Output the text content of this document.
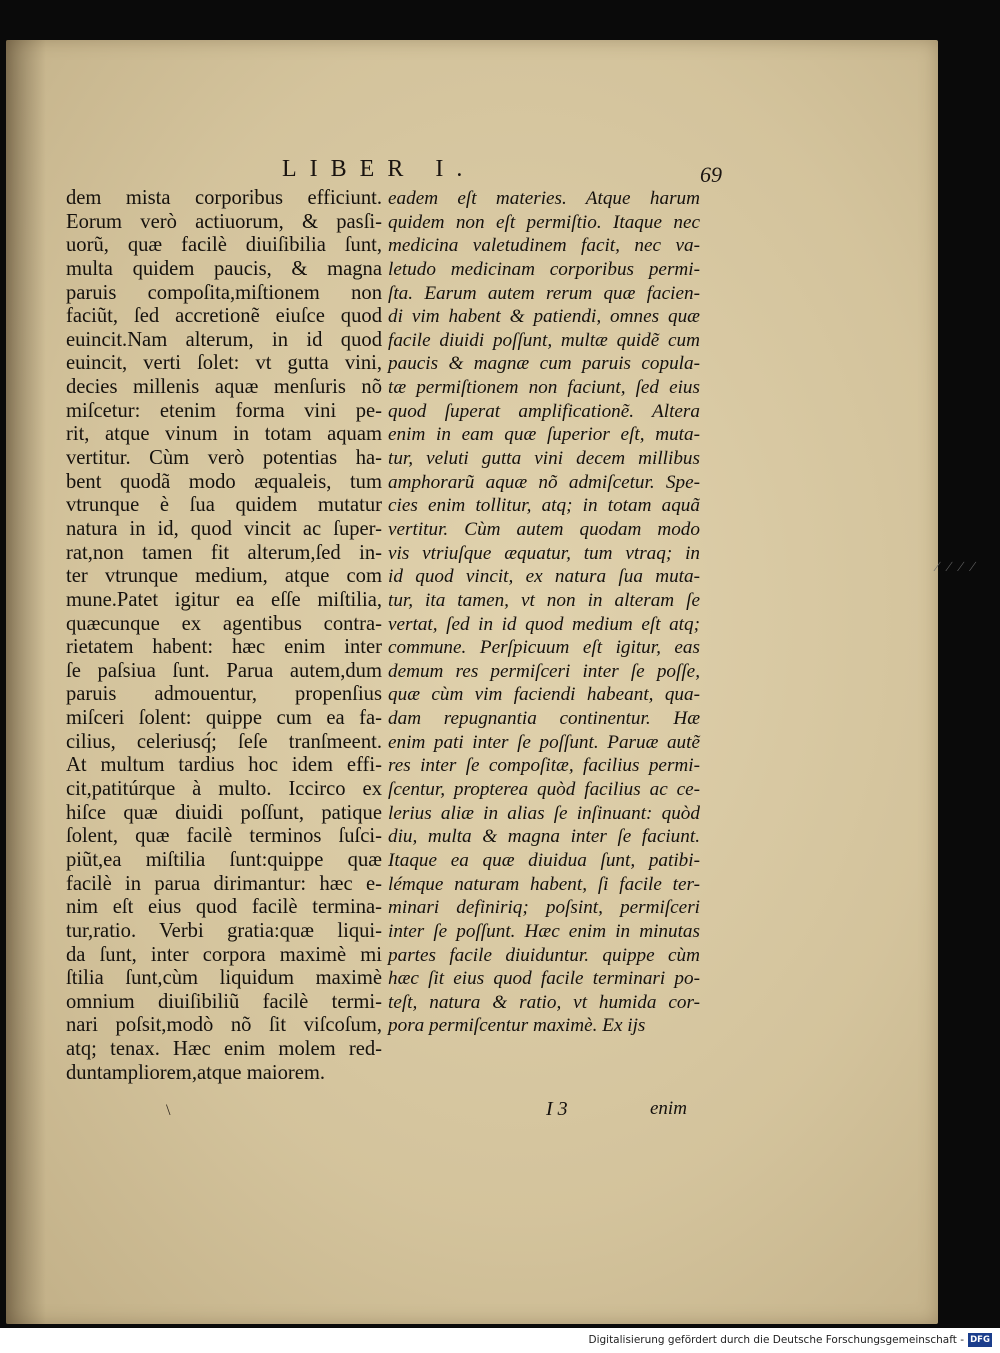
LIBER I.	69
dem mista corporibus efficiunt.
Eorum verò actiuorum, & pasſi-
uorũ, quæ facilè diuiſibilia ſunt,
multa quidem paucis, & magna
paruis compoſita,miſtionem non
faciũt, ſed accretionẽ eiuſce quod
euincit.Nam alterum, in id quod
euincit, verti ſolet: vt gutta vini,
decies millenis aquæ menſuris nõ
miſcetur: etenim forma vini pe-
rit, atque vinum in totam aquam
vertitur. Cùm verò potentias ha-
bent quodã modo æqualeis, tum
vtrunque è ſua quidem mutatur
natura in id, quod vincit ac ſuper-
rat,non tamen fit alterum,ſed in-
ter vtrunque medium, atque com
mune.Patet igitur ea eſſe miſtilia,
quæcunque ex agentibus contra-
rietatem habent: hæc enim inter
ſe paſsiua ſunt. Parua autem,dum
paruis admouentur, propenſius
miſceri ſolent: quippe cum ea fa-
cilius, celeriusq́; ſeſe tranſmeent.
At multum tardius hoc idem effi-
cit,patitúrque à multo. Iccirco ex
hiſce quæ diuidi poſſunt, patique
ſolent, quæ facilè terminos ſuſci-
piũt,ea miſtilia ſunt:quippe quæ
facilè in parua dirimantur: hæc e-
nim eſt eius quod facilè termina-
tur,ratio. Verbi gratia:quæ liqui-
da ſunt, inter corpora maximè mi
ſtilia ſunt,cùm liquidum maximè
omnium diuiſibiliũ facilè termi-
nari poſsit,modò nõ ſit viſcoſum,
atq; tenax. Hæc enim molem red-
duntampliorem,atque maiorem.
eadem eſt materies. Atque harum
quidem non eſt permiſtio. Itaque nec
medicina valetudinem facit, nec va-
letudo medicinam corporibus permi-
ſta. Earum autem rerum quæ facien-
di vim habent & patiendi, omnes quæ
facile diuidi poſſunt, multæ quidẽ cum
paucis & magnæ cum paruis copula-
tæ permiſtionem non faciunt, ſed eius
quod ſuperat amplificationẽ. Altera
enim in eam quæ ſuperior eſt, muta-
tur, veluti gutta vini decem millibus
amphorarũ aquæ nõ admiſcetur. Spe-
cies enim tollitur, atq; in totam aquã
vertitur. Cùm autem quodam modo
vis vtriuſque æquatur, tum vtraq; in
id quod vincit, ex natura ſua muta-
tur, ita tamen, vt non in alteram ſe
vertat, ſed in id quod medium eſt atq;
commune. Perſpicuum eſt igitur, eas
demum res permiſceri inter ſe poſſe,
quæ cùm vim faciendi habeant, qua-
dam repugnantia continentur. Hæ
enim pati inter ſe poſſunt. Paruæ autẽ
res inter ſe compoſitæ, facilius permi-
ſcentur, propterea quòd facilius ac ce-
lerius aliæ in alias ſe inſinuant: quòd
diu, multa & magna inter ſe faciunt.
Itaque ea quæ diuidua ſunt, patibi-
lémque naturam habent, ſi facile ter-
minari definiriq; poſsint, permiſceri
inter ſe poſſunt. Hæc enim in minutas
partes facile diuiduntur. quippe cùm
hæc ſit eius quod facile terminari po-
teſt, natura & ratio, vt humida cor-
pora permiſcentur maximè. Ex ijs
\	I 3	enim
∕ ∕ ∕ ∕
Digitalisierung gefördert durch die Deutsche Forschungsgemeinschaft - DFG
